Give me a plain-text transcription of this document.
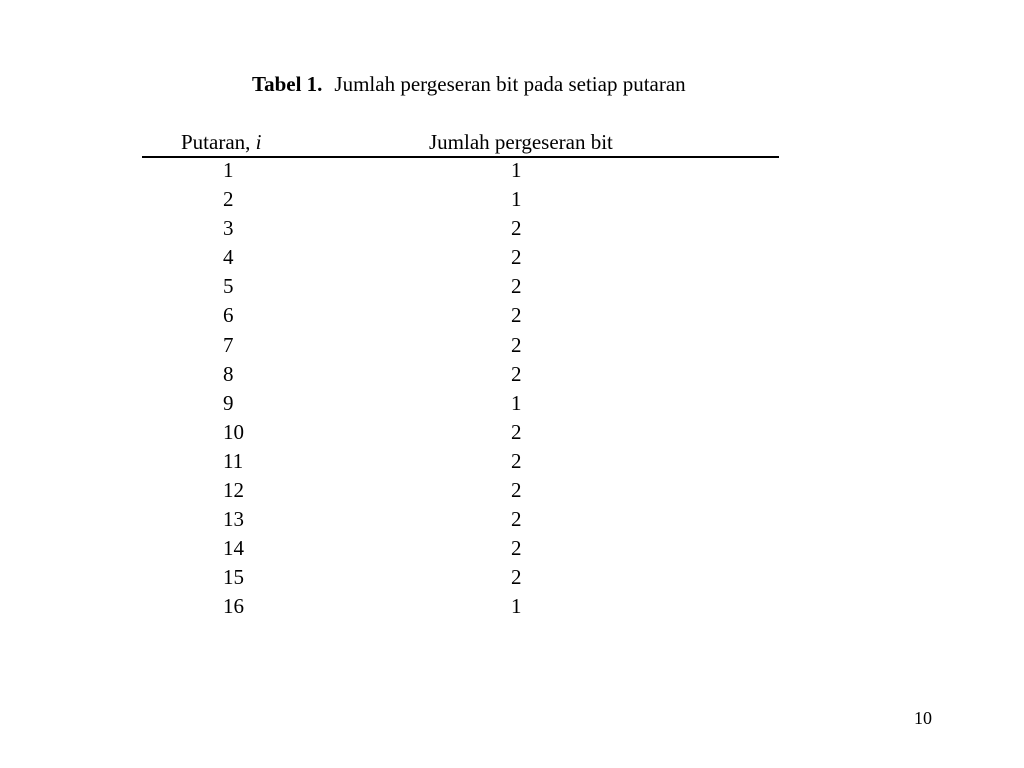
Tabel 1. Jumlah pergeseran bit pada setiap putaran
Putaran, i	Jumlah pergeseran bit
1	1
2	1
3	2
4	2
5	2
6	2
7	2
8	2
9	1
10	2
11	2
12	2
13	2
14	2
15	2
16	1
10
